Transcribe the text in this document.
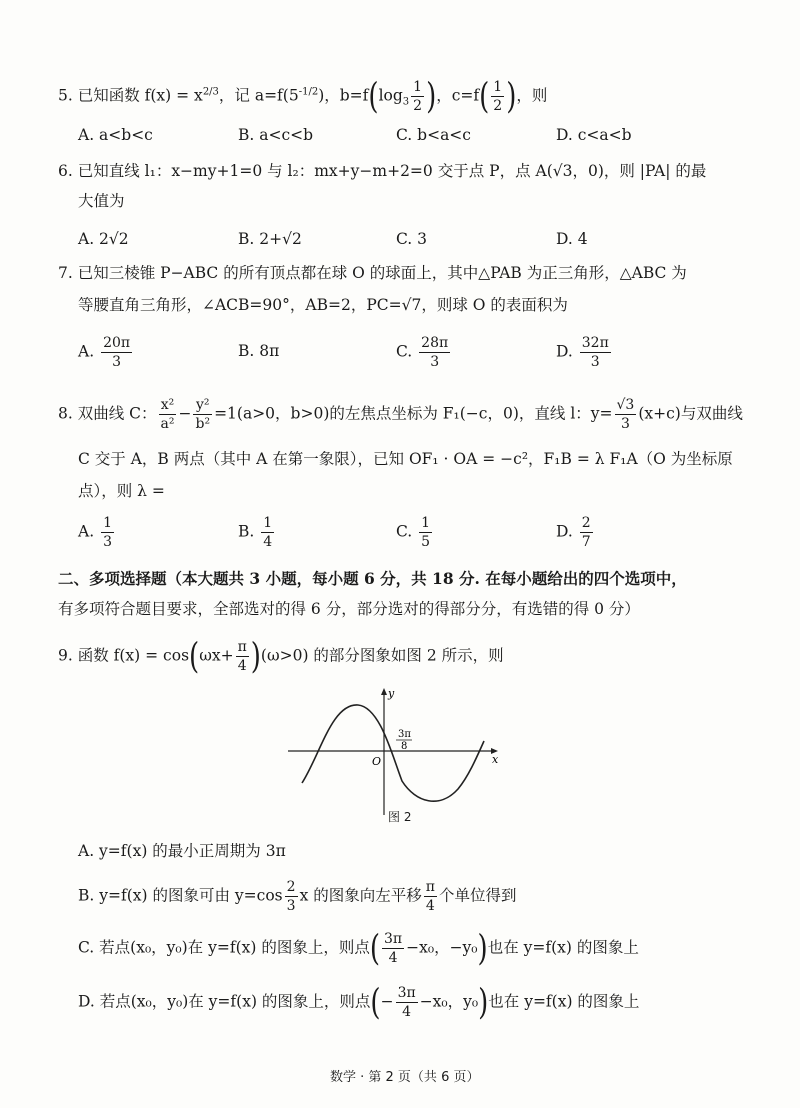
5. 已知函数 $f(x) = x^{2/3}$，记 $a=f(5^{-1/2})$，$b=f(\log_3 \frac{1}{2}$ )，$c=f( \frac{1}{2}$ )，则
A. a<b<c	B. a<c<b	C. b<a<c	D. c<a<b
6. 已知直线 l₁：x−my+1=0 与 l₂：mx+y−m+2=0 交于点 P，点 A(√3，0)，则 |PA| 的最
大值为
A. 2√2	B. 2+√2	C. 3	D. 4
7. 已知三棱锥 P−ABC 的所有顶点都在球 O 的球面上，其中△PAB 为正三角形，△ABC 为
等腰直角三角形，∠ACB=90°，AB=2，PC=√7，则球 O 的表面积为
A. $\frac{20\pi}{3}$	B. 8π	C. $\frac{28\pi}{3}$	D. $\frac{32\pi}{3}$
8. 双曲线 C： $\frac{\text{x²}}{\text{a²}} - \frac{\text{y²}}{\text{b²}} =1(a>0$，b>0)的左焦点坐标为 F₁(−c，0)，直线 l：$y= \frac{√3}{3} (x+c)$与双曲线
C 交于 A，B 两点（其中 A 在第一象限），已知 OF₁ · OA = −c²，F₁B = λ F₁A（O 为坐标原
点），则 λ =
A. $\frac{1}{3}$	B. $\frac{1}{4}$	C. $\frac{1}{5}$	D. $\frac{2}{7}$
二、多项选择题（本大题共 3 小题，每小题 6 分，共 18 分. 在每小题给出的四个选项中，
有多项符合题目要求，全部选对的得 6 分，部分选对的得部分分，有选错的得 0 分）
9. 函数 $f(x) = \cos(\omega x+ \frac{\pi}{4} )(\omega>0)$ 的部分图象如图 2 所示，则
y
x
O
3π
8
图 2
A. y=f(x) 的最小正周期为 3π
B. y=f(x) 的图象可由 $y=\cos \frac{2}{3}$ x 的图象向左平移 $\frac{\pi}{4}$ 个单位得到
C. 若点(x₀，y₀)在 y=f(x) 的图象上，则点( $\frac{3\pi}{4} -x_0$，−y₀)也在 y=f(x) 的图象上
D. 若点(x₀，y₀)在 y=f(x) 的图象上，则点(− $\frac{3\pi}{4} -x_0$，y₀)也在 y=f(x) 的图象上
数学 · 第 2 页（共 6 页）
